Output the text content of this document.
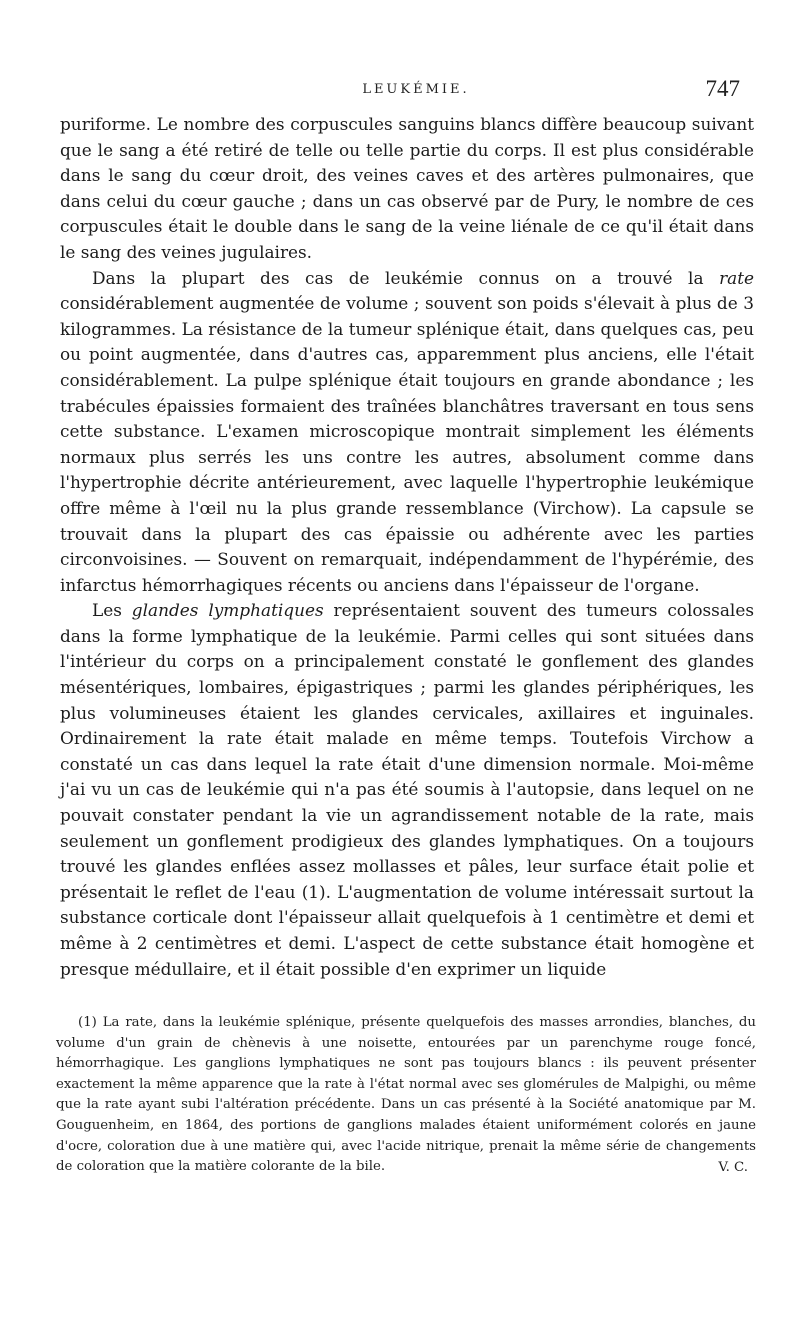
LEUKÉMIE.	747

puriforme. Le nombre des corpuscules sanguins blancs diffère beaucoup suivant que le sang a été retiré de telle ou telle partie du corps. Il est plus considérable dans le sang du cœur droit, des veines caves et des artères pulmonaires, que dans celui du cœur gauche ; dans un cas observé par de Pury, le nombre de ces corpuscules était le double dans le sang de la veine liénale de ce qu'il était dans le sang des veines jugulaires.

Dans la plupart des cas de leukémie connus on a trouvé la rate considérablement augmentée de volume ; souvent son poids s'élevait à plus de 3 kilogrammes. La résistance de la tumeur splénique était, dans quelques cas, peu ou point augmentée, dans d'autres cas, apparemment plus anciens, elle l'était considérablement. La pulpe splénique était toujours en grande abondance ; les trabécules épaissies formaient des traînées blanchâtres traversant en tous sens cette substance. L'examen microscopique montrait simplement les éléments normaux plus serrés les uns contre les autres, absolument comme dans l'hypertrophie décrite antérieurement, avec laquelle l'hypertrophie leukémique offre même à l'œil nu la plus grande ressemblance (Virchow). La capsule se trouvait dans la plupart des cas épaissie ou adhérente avec les parties circonvoisines. — Souvent on remarquait, indépendamment de l'hypérémie, des infarctus hémorrhagiques récents ou anciens dans l'épaisseur de l'organe.

Les glandes lymphatiques représentaient souvent des tumeurs colossales dans la forme lymphatique de la leukémie. Parmi celles qui sont situées dans l'intérieur du corps on a principalement constaté le gonflement des glandes mésentériques, lombaires, épigastriques ; parmi les glandes périphériques, les plus volumineuses étaient les glandes cervicales, axillaires et inguinales. Ordinairement la rate était malade en même temps. Toutefois Virchow a constaté un cas dans lequel la rate était d'une dimension normale. Moi-même j'ai vu un cas de leukémie qui n'a pas été soumis à l'autopsie, dans lequel on ne pouvait constater pendant la vie un agrandissement notable de la rate, mais seulement un gonflement prodigieux des glandes lymphatiques. On a toujours trouvé les glandes enflées assez mollasses et pâles, leur surface était polie et présentait le reflet de l'eau (1). L'augmentation de volume intéressait surtout la substance corticale dont l'épaisseur allait quelquefois à 1 centimètre et demi et même à 2 centimètres et demi. L'aspect de cette substance était homogène et presque médullaire, et il était possible d'en exprimer un liquide

(1) La rate, dans la leukémie splénique, présente quelquefois des masses arrondies, blanches, du volume d'un grain de chènevis à une noisette, entourées par un parenchyme rouge foncé, hémorrhagique. Les ganglions lymphatiques ne sont pas toujours blancs : ils peuvent présenter exactement la même apparence que la rate à l'état normal avec ses glomérules de Malpighi, ou même que la rate ayant subi l'altération précédente. Dans un cas présenté à la Société anatomique par M. Gouguenheim, en 1864, des portions de ganglions malades étaient uniformément colorés en jaune d'ocre, coloration due à une matière qui, avec l'acide nitrique, prenait la même série de changements de coloration que la matière colorante de la bile.	V. C.
